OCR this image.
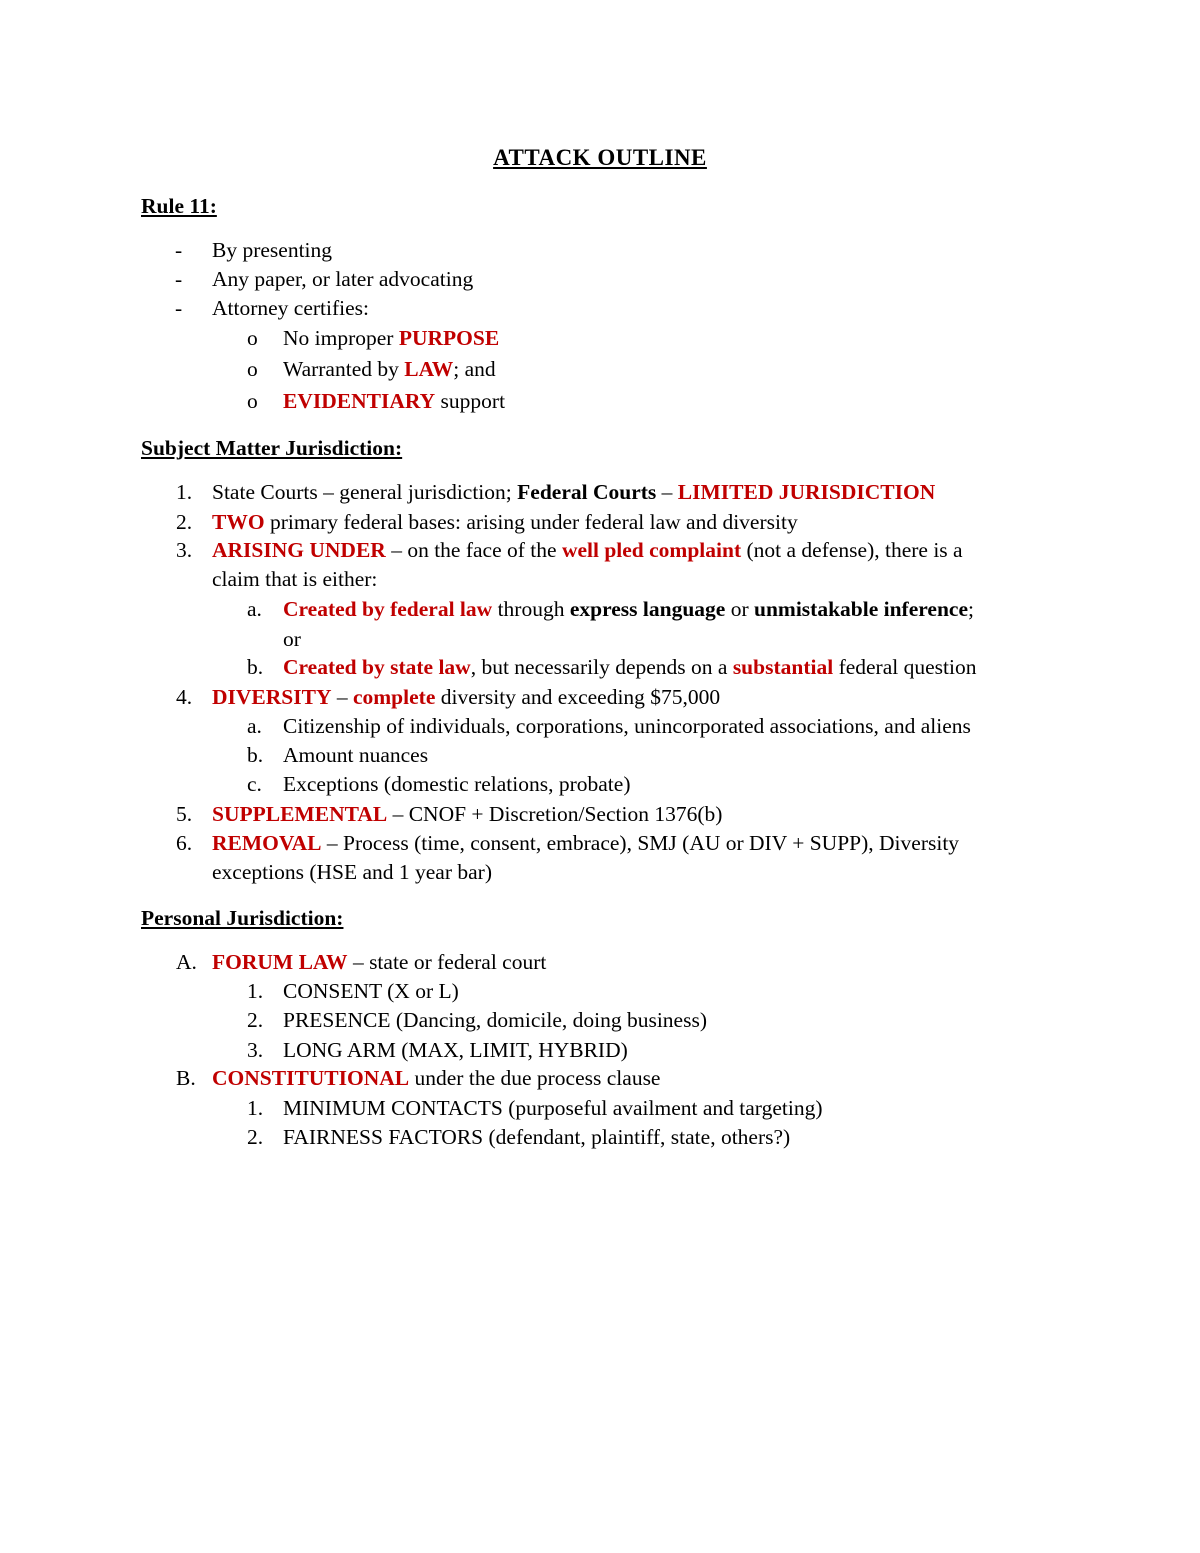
ATTACK OUTLINE
Rule 11:
- By presenting
- Any paper, or later advocating
- Attorney certifies:
o No improper PURPOSE
o Warranted by LAW; and
o EVIDENTIARY support
Subject Matter Jurisdiction:
1. State Courts – general jurisdiction; Federal Courts – LIMITED JURISDICTION
2. TWO primary federal bases: arising under federal law and diversity
3. ARISING UNDER – on the face of the well pled complaint (not a defense), there is a
claim that is either:
a. Created by federal law through express language or unmistakable inference;
or
b. Created by state law, but necessarily depends on a substantial federal question
4. DIVERSITY – complete diversity and exceeding $75,000
a. Citizenship of individuals, corporations, unincorporated associations, and aliens
b. Amount nuances
c. Exceptions (domestic relations, probate)
5. SUPPLEMENTAL – CNOF + Discretion/Section 1376(b)
6. REMOVAL – Process (time, consent, embrace), SMJ (AU or DIV + SUPP), Diversity
exceptions (HSE and 1 year bar)
Personal Jurisdiction:
A. FORUM LAW – state or federal court
1. CONSENT (X or L)
2. PRESENCE (Dancing, domicile, doing business)
3. LONG ARM (MAX, LIMIT, HYBRID)
B. CONSTITUTIONAL under the due process clause
1. MINIMUM CONTACTS (purposeful availment and targeting)
2. FAIRNESS FACTORS (defendant, plaintiff, state, others?)
